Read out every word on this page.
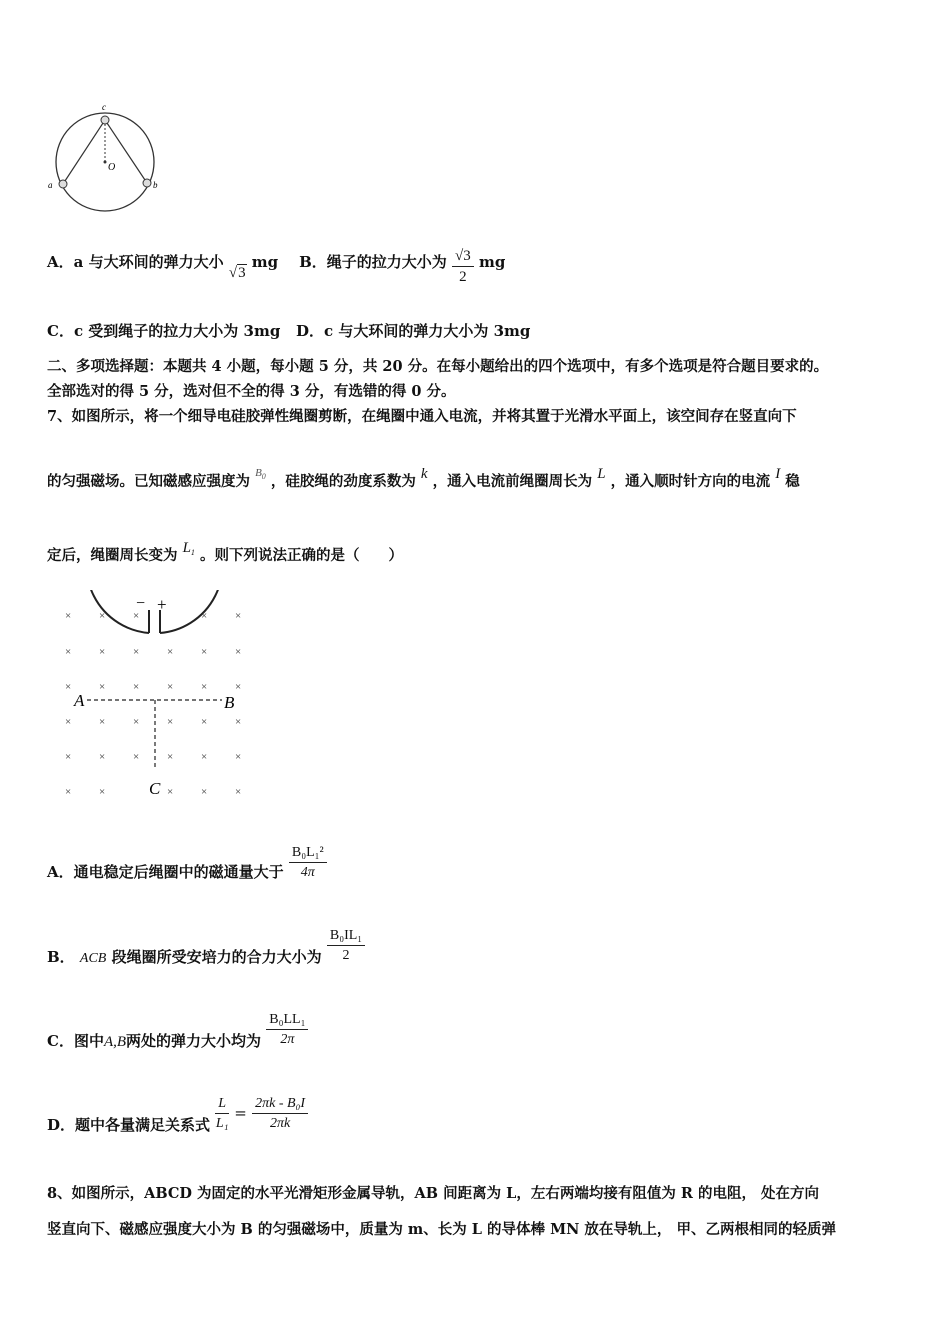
c
O
a	b
A．a 与大环间的弹力大小 √3 mg B．绳子的拉力大小为 $\frac{√3}{2}$ mg
C．c 受到绳子的拉力大小为 3mg D．c 与大环间的弹力大小为 3mg
二、多项选择题：本题共 4 小题，每小题 5 分，共 20 分。在每小题给出的四个选项中，有多个选项是符合题目要求的。
全部选对的得 5 分，选对但不全的得 3 分，有选错的得 0 分。
7、如图所示，将一个细导电硅胶弹性绳圈剪断，在绳圈中通入电流，并将其置于光滑水平面上，该空间存在竖直向下
的匀强磁场。已知磁感应强度为 $^{B_0}$ ，硅胶绳的劲度系数为 k ，通入电流前绳圈周长为 L ，通入顺时针方向的电流 I 稳
定后，绳圈周长变为 $L_1$ 。则下列说法正确的是（　　）
×	×	×	×	×
×	×	×	×	×	×
×	×	×	×	×	×
×	×	×	×	×	×
×	×	×	×	×	×
×	×	×	×	×
− +
A	B
C
A．通电稳定后绳圈中的磁通量大于 $\frac{\text{B₀L₁²}}{4\pi}$
B． ACB 段绳圈所受安培力的合力大小为 $\frac{\text{B₀IL₁}}{2}$
C．图中A,B两处的弹力大小均为 $\frac{\text{B₀LL₁}}{2\pi}$
D．题中各量满足关系式 $\frac{L}{\text{L₁}} = \frac{\text{2πk - B₀I}}{2\pi k}$
8、如图所示，ABCD 为固定的水平光滑矩形金属导轨，AB 间距离为 L，左右两端均接有阻值为 R 的电阻， 处在方向
竖直向下、磁感应强度大小为 B 的匀强磁场中，质量为 m、长为 L 的导体棒 MN 放在导轨上， 甲、乙两根相同的轻质弹
